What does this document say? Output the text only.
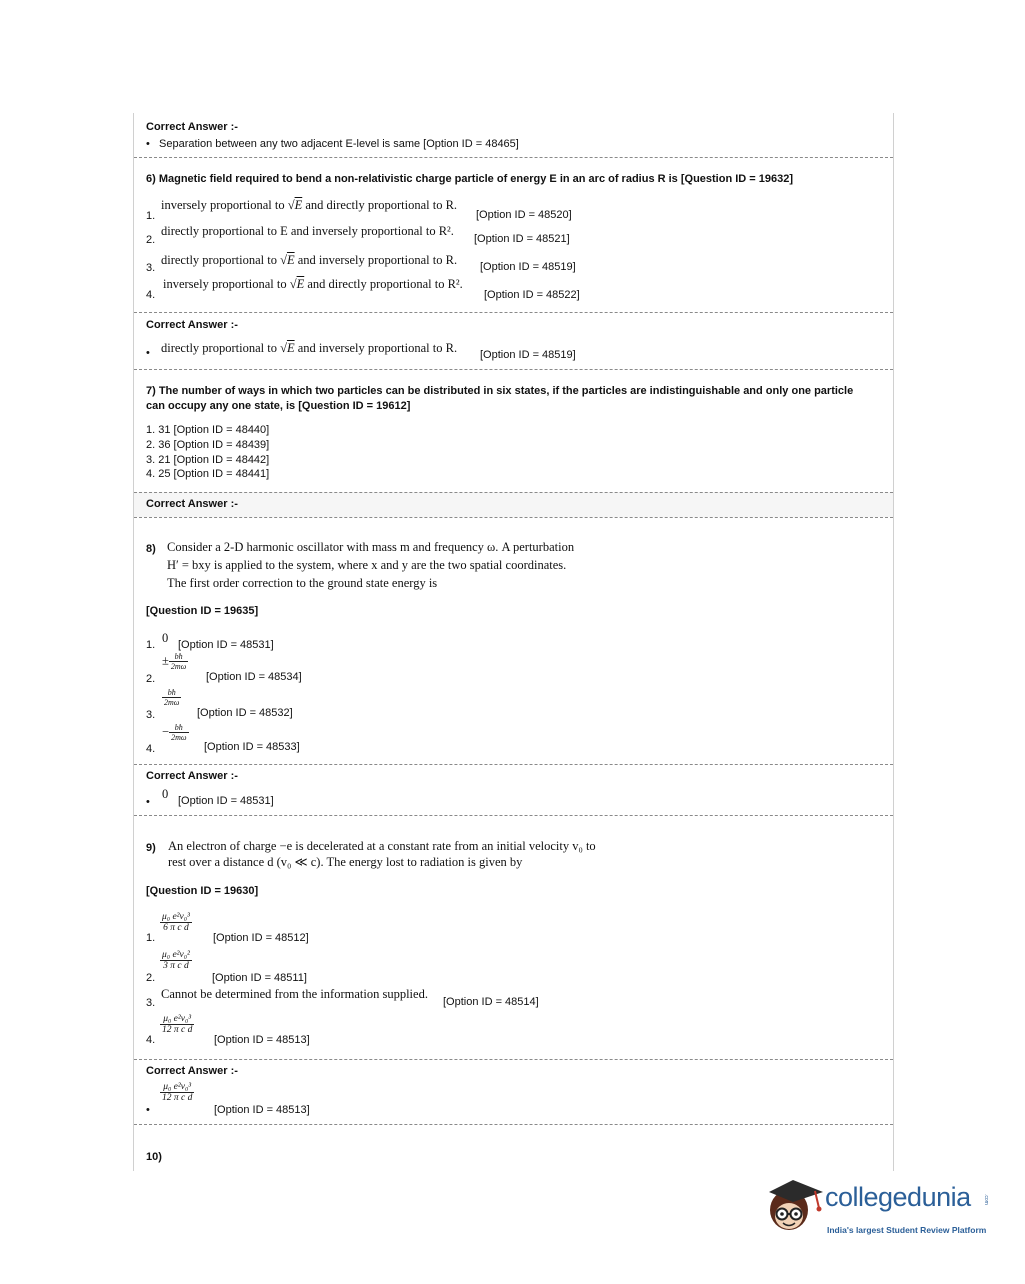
Correct Answer :-
• Separation between any two adjacent E-level is same [Option ID = 48465]
6) Magnetic field required to bend a non-relativistic charge particle of energy E in an arc of radius R is [Question ID = 19632]
1.
inversely proportional to √E and directly proportional to R.
[Option ID = 48520]
2.
directly proportional to E and inversely proportional to R².
[Option ID = 48521]
3.
directly proportional to √E and inversely proportional to R. [Option ID = 48519]
4.
inversely proportional to √E and directly proportional to R².
[Option ID = 48522]
Correct Answer :-
• directly proportional to √E and inversely proportional to R. [Option ID = 48519]
7) The number of ways in which two particles can be distributed in six states, if the particles are indistinguishable and only one particle
can occupy any one state, is [Question ID = 19612]
1. 31 [Option ID = 48440]
2. 36 [Option ID = 48439]
3. 21 [Option ID = 48442]
4. 25 [Option ID = 48441]
Correct Answer :-
8) Consider a 2-D harmonic oscillator with mass m and frequency ω. A perturbation
H′ = bxy is applied to the system, where x and y are the two spatial coordinates.
The first order correction to the ground state energy is
[Question ID = 19635]
1. 0 [Option ID = 48531]
2.
± $\frac{bħ}{2m\omega}$
[Option ID = 48534]
3.
$\frac{bħ}{2m\omega}$
[Option ID = 48532]
4.
− $\frac{bħ}{2m\omega}$
[Option ID = 48533]
Correct Answer :-
•
0 [Option ID = 48531]
9) An electron of charge −e is decelerated at a constant rate from an initial velocity v₀ to
rest over a distance d (v₀ ≪ c). The energy lost to radiation is given by
[Question ID = 19630]
1.
$\frac{\text{μ₀ e²v₀³}}{\text{6 π c d}}$
[Option ID = 48512]
2.
$\frac{\text{μ₀ e²v₀²}}{\text{3 π c d}}$
[Option ID = 48511]
3.
Cannot be determined from the information supplied.
[Option ID = 48514]
4.
$\frac{\text{μ₀ e²v₀³}}{\text{12 π c d}}$
[Option ID = 48513]
Correct Answer :-
•
$\frac{\text{μ₀ e²v₀³}}{\text{12 π c d}}$
[Option ID = 48513]
10)
collegedunia .com
India's largest Student Review Platform
